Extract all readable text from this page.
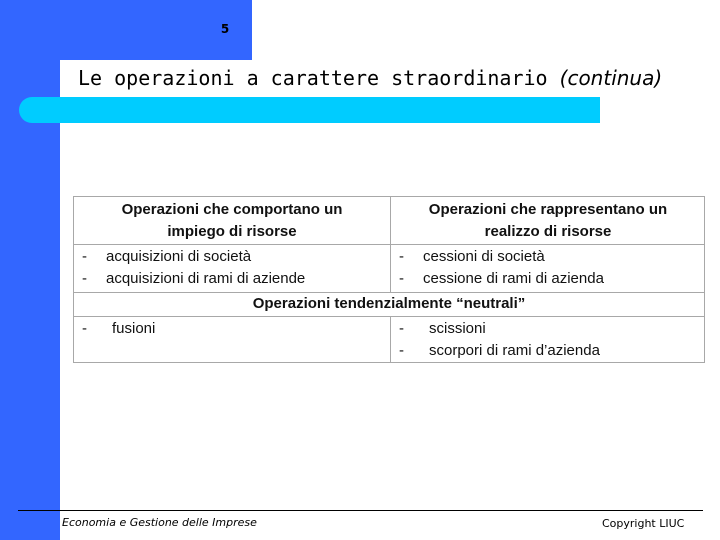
5
Le operazioni a carattere straordinario (continua)
Operazioni che comportano un
impiego di risorse
Operazioni che rappresentano un
realizzo di risorse
- acquisizioni di società
- acquisizioni di rami di aziende
- cessioni di società
- cessione di rami di azienda
Operazioni tendenzialmente “neutrali”
- fusioni	- scissioni
- scorpori di rami d’azienda
Economia e Gestione delle Imprese	Copyright LIUC
